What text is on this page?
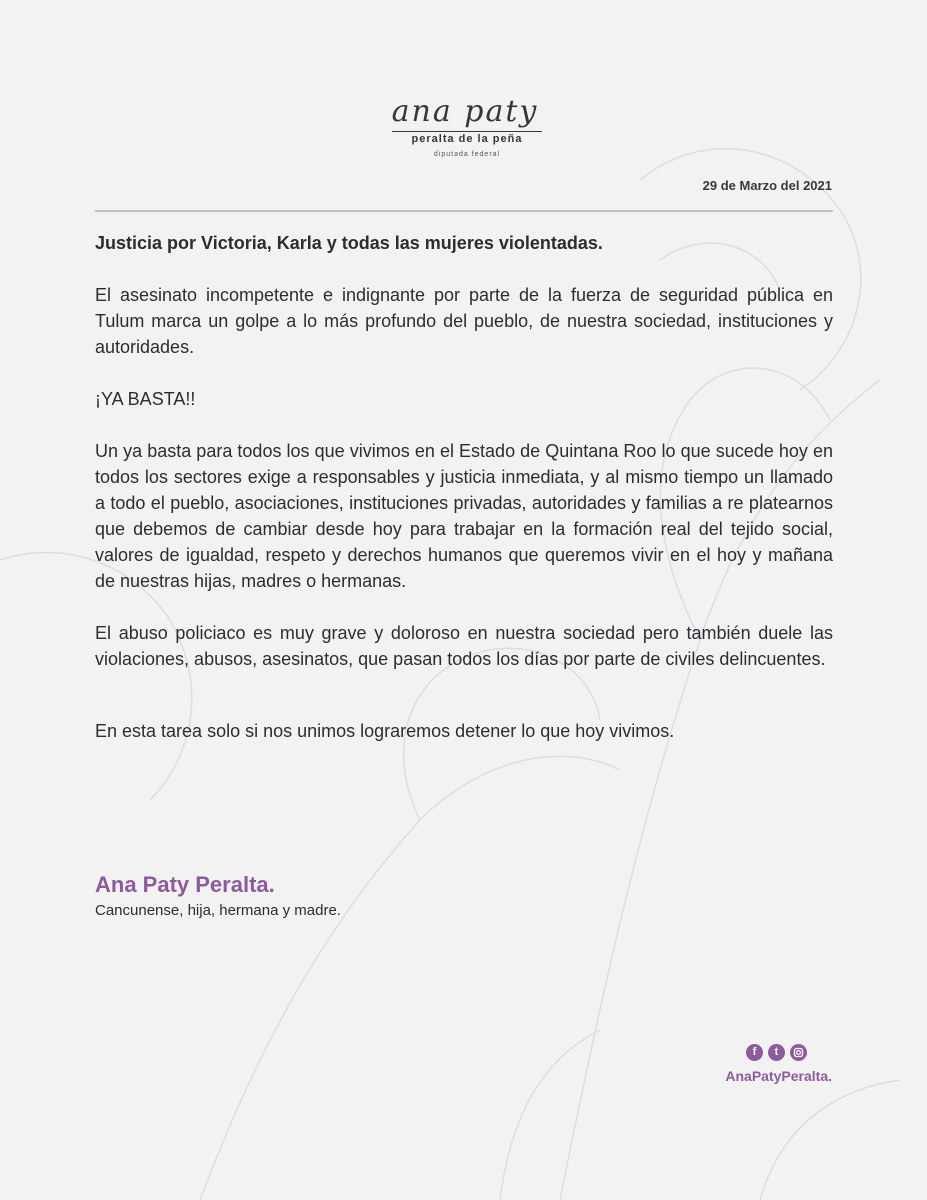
ana paty
peralta de la peña
diputada federal
29 de Marzo del 2021

Justicia por Victoria, Karla y todas las mujeres violentadas.

El asesinato incompetente e indignante por parte de la fuerza de seguridad pública en Tulum marca un golpe a lo más profundo del pueblo, de nuestra sociedad, instituciones y autoridades.

¡YA BASTA!!

Un ya basta para todos los que vivimos en el Estado de Quintana Roo lo que sucede hoy en todos los sectores exige a responsables y justicia inmediata, y al mismo tiempo un llamado a todo el pueblo, asociaciones, instituciones privadas, autoridades y familias a re platearnos que debemos de cambiar desde hoy para trabajar en la formación real del tejido social, valores de igualdad, respeto y derechos humanos que queremos vivir en el hoy y mañana de nuestras hijas, madres o hermanas.

El abuso policiaco es muy grave y doloroso en nuestra sociedad pero también duele las violaciones, abusos, asesinatos, que pasan todos los días por parte de civiles delincuentes.

En esta tarea solo si nos unimos lograremos detener lo que hoy vivimos.

Ana Paty Peralta.
Cancunense, hija, hermana y madre.
f	t
AnaPatyPeralta.
